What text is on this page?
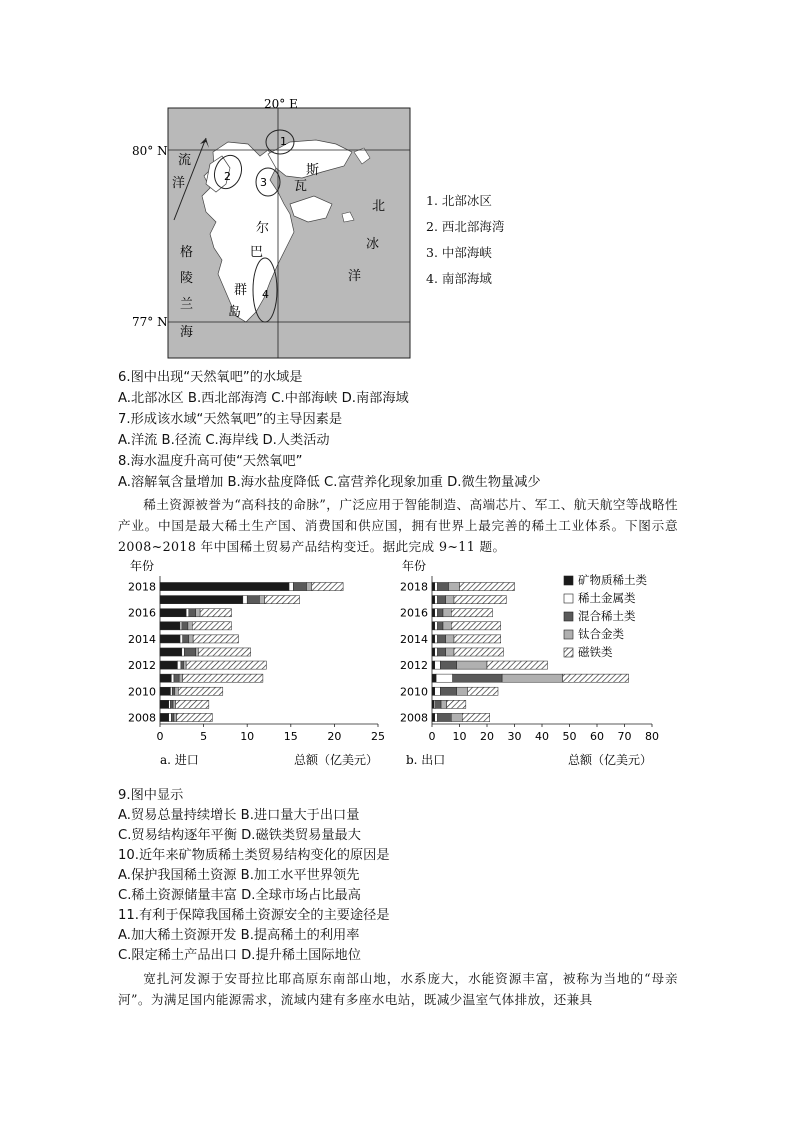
20° E
80° N
77° N
流
洋
斯
瓦
尔
巴
群
岛
北
冰
洋
格
陵
兰
海
1
2	3
4
1. 北部冰区
2. 西北部海湾
3. 中部海峡
4. 南部海域
6.图中出现“天然氧吧”的水域是
A.北部冰区 B.西北部海湾 C.中部海峡 D.南部海域
7.形成该水域“天然氧吧”的主导因素是
A.洋流 B.径流 C.海岸线 D.人类活动
8.海水温度升高可使“天然氧吧”
A.溶解氧含量增加 B.海水盐度降低 C.富营养化现象加重 D.微生物量减少

稀土资源被誉为“高科技的命脉”，广泛应用于智能制造、高端芯片、军工、航天航空等战略性产业。中国是最大稀土生产国、消费国和供应国，拥有世界上最完善的稀土工业体系。下图示意 2008~2018 年中国稀土贸易产品结构变迁。据此完成 9~11 题。

年份
2008
2010
2012
2014
2016
2018
0	5	10	15	20	25
a. 进口	总额（亿美元）
年份
2008
2010
2012
2014
2016
2018
0 10 20 30 40 50 60 70 80
b. 出口	总额（亿美元）
矿物质稀土类
稀土金属类
混合稀土类
钛合金类
磁铁类
9.图中显示
A.贸易总量持续增长 B.进口量大于出口量
C.贸易结构逐年平衡 D.磁铁类贸易量最大
10.近年来矿物质稀土类贸易结构变化的原因是
A.保护我国稀土资源 B.加工水平世界领先
C.稀土资源储量丰富 D.全球市场占比最高
11.有利于保障我国稀土资源安全的主要途径是
A.加大稀土资源开发 B.提高稀土的利用率
C.限定稀土产品出口 D.提升稀土国际地位

宽扎河发源于安哥拉比耶高原东南部山地，水系庞大，水能资源丰富，被称为当地的“母亲河”。为满足国内能源需求，流域内建有多座水电站，既减少温室气体排放，还兼具
